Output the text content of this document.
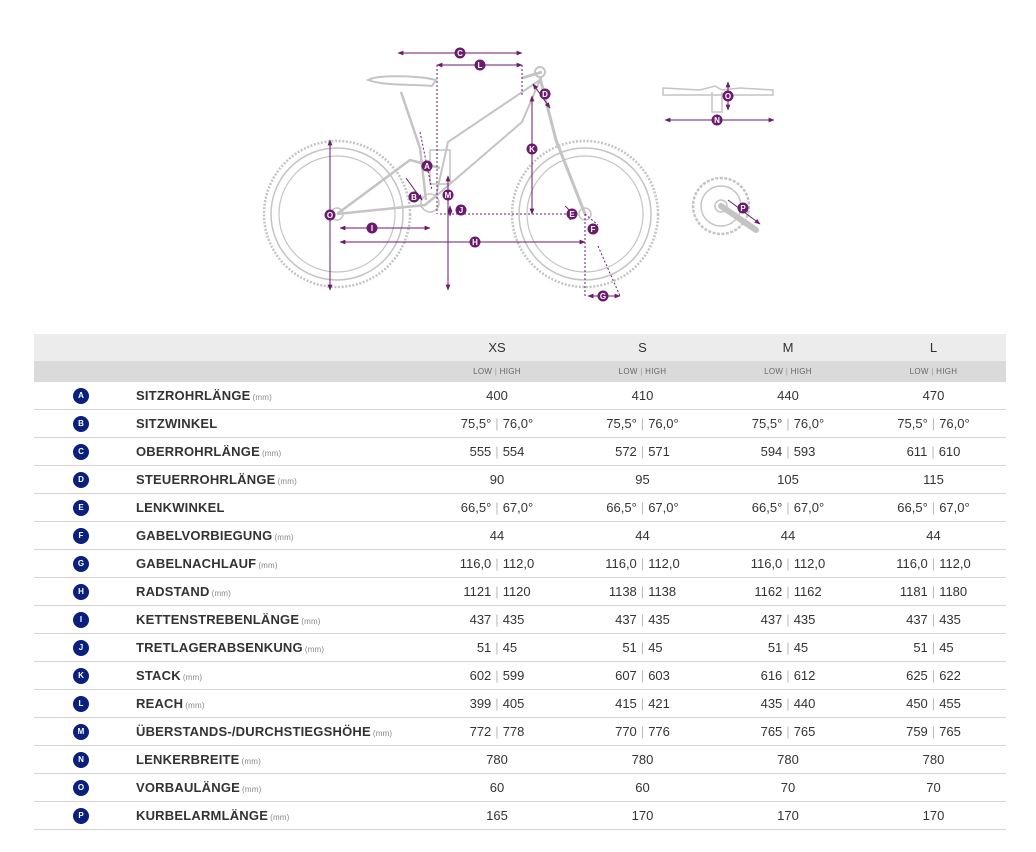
C
L
D
K
A
B	M
J
O
I
H
E
F
G
O
N
P
		XS	S	M	L
		LOW | HIGH	LOW | HIGH	LOW | HIGH	LOW | HIGH
A	SITZROHRLÄNGE (mm)	400	410	440	470
B	SITZWINKEL	75,5° | 76,0°	75,5° | 76,0°	75,5° | 76,0°	75,5° | 76,0°
C	OBERROHRLÄNGE (mm)	555 | 554	572 | 571	594 | 593	611 | 610
D	STEUERROHRLÄNGE (mm)	90	95	105	115
E	LENKWINKEL	66,5° | 67,0°	66,5° | 67,0°	66,5° | 67,0°	66,5° | 67,0°
F	GABELVORBIEGUNG (mm)	44	44	44	44
G	GABELNACHLAUF (mm)	116,0 | 112,0	116,0 | 112,0	116,0 | 112,0	116,0 | 112,0
H	RADSTAND (mm)	1121 | 1120	1138 | 1138	1162 | 1162	1181 | 1180
I	KETTENSTREBENLÄNGE (mm)	437 | 435	437 | 435	437 | 435	437 | 435
J	TRETLAGERABSENKUNG (mm)	51 | 45	51 | 45	51 | 45	51 | 45
K	STACK (mm)	602 | 599	607 | 603	616 | 612	625 | 622
L	REACH (mm)	399 | 405	415 | 421	435 | 440	450 | 455
M	ÜBERSTANDS-/DURCHSTIEGSHÖHE (mm)	772 | 778	770 | 776	765 | 765	759 | 765
N	LENKERBREITE (mm)	780	780	780	780
O	VORBAULÄNGE (mm)	60	60	70	70
P	KURBELARMLÄNGE (mm)	165	170	170	170
